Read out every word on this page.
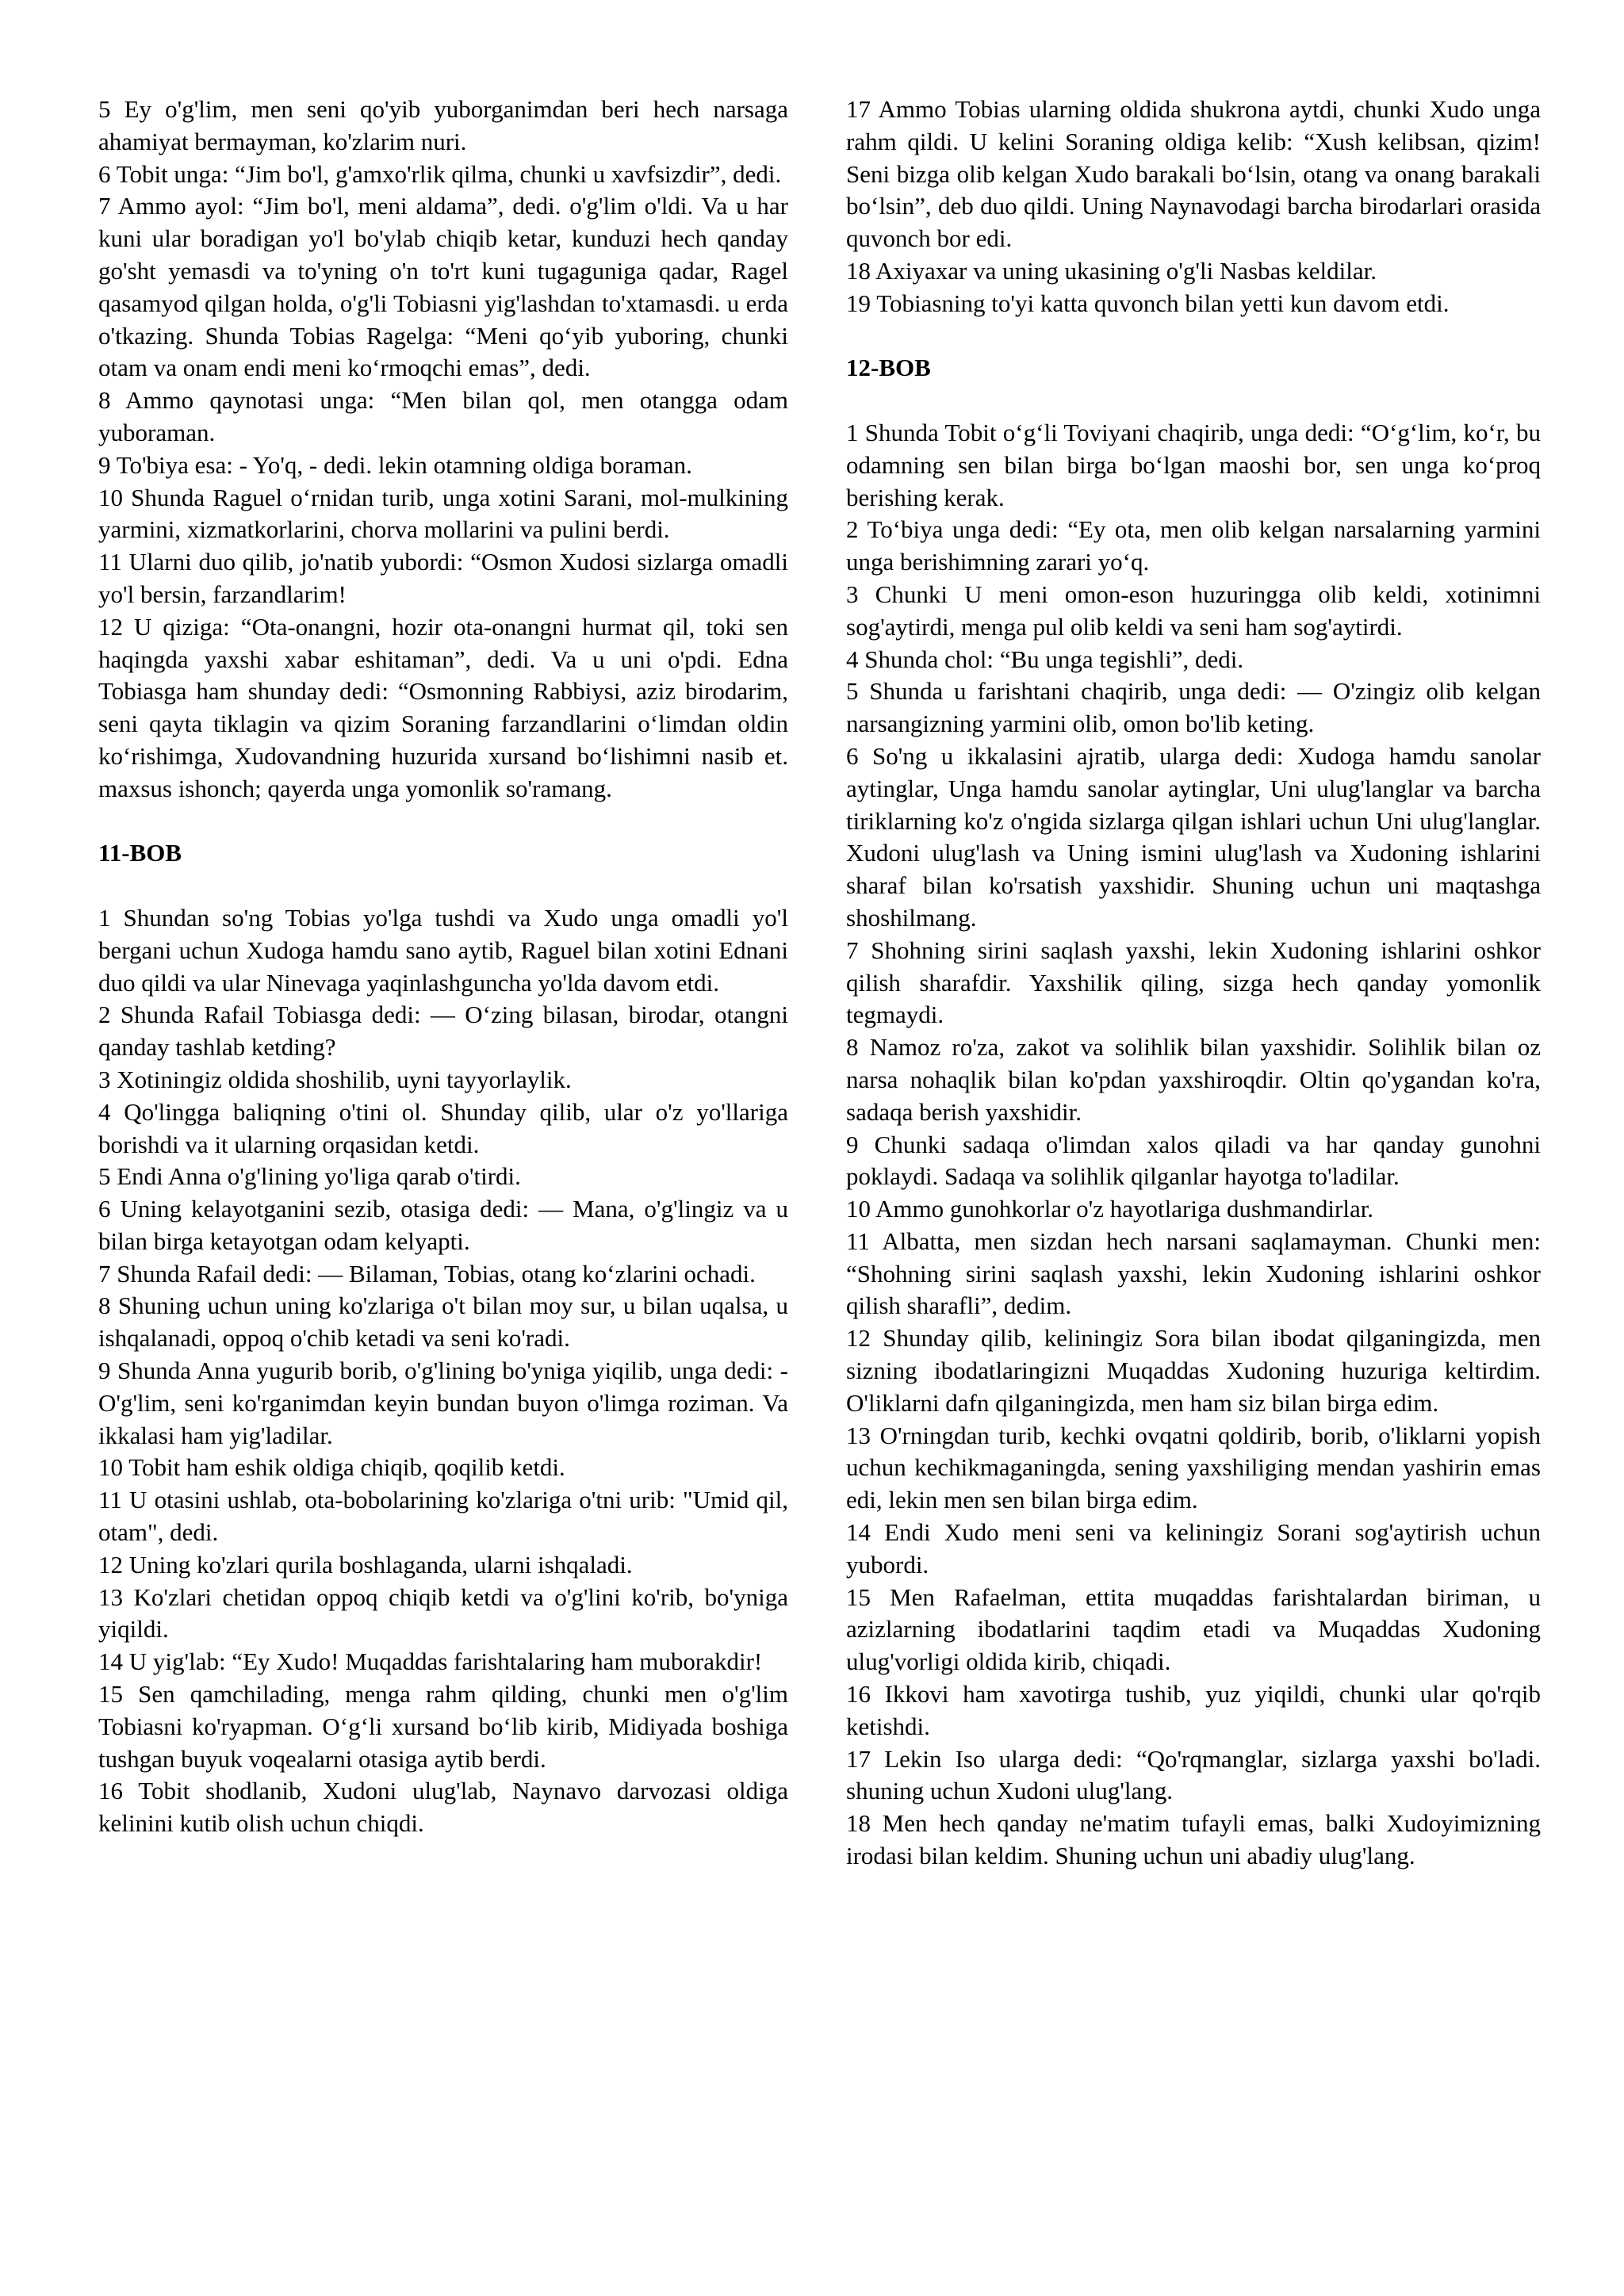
5 Ey o'g'lim, men seni qo'yib yuborganimdan beri hech narsaga ahamiyat bermayman, ko'zlarim nuri.

6 Tobit unga: “Jim bo'l, g'amxo'rlik qilma, chunki u xavfsizdir”, dedi.

7 Ammo ayol: “Jim bo'l, meni aldama”, dedi. o'g'lim o'ldi. Va u har kuni ular boradigan yo'l bo'ylab chiqib ketar, kunduzi hech qanday go'sht yemasdi va to'yning o'n to'rt kuni tugaguniga qadar, Ragel qasamyod qilgan holda, o'g'li Tobiasni yig'lashdan to'xtamasdi. u erda o'tkazing. Shunda Tobias Ragelga: “Meni qo‘yib yuboring, chunki otam va onam endi meni ko‘rmoqchi emas”, dedi.

8 Ammo qaynotasi unga: “Men bilan qol, men otangga odam yuboraman.

9 To'biya esa: - Yo'q, - dedi. lekin otamning oldiga boraman.

10 Shunda Raguel o‘rnidan turib, unga xotini Sarani, mol-mulkining yarmini, xizmatkorlarini, chorva mollarini va pulini berdi.

11 Ularni duo qilib, jo'natib yubordi: “Osmon Xudosi sizlarga omadli yo'l bersin, farzandlarim!

12 U qiziga: “Ota-onangni, hozir ota-onangni hurmat qil, toki sen haqingda yaxshi xabar eshitaman”, dedi. Va u uni o'pdi. Edna Tobiasga ham shunday dedi: “Osmonning Rabbiysi, aziz birodarim, seni qayta tiklagin va qizim Soraning farzandlarini o‘limdan oldin ko‘rishimga, Xudovandning huzurida xursand bo‘lishimni nasib et. maxsus ishonch; qayerda unga yomonlik so'ramang.

11-BOB

1 Shundan so'ng Tobias yo'lga tushdi va Xudo unga omadli yo'l bergani uchun Xudoga hamdu sano aytib, Raguel bilan xotini Ednani duo qildi va ular Ninevaga yaqinlashguncha yo'lda davom etdi.

2 Shunda Rafail Tobiasga dedi: — O‘zing bilasan, birodar, otangni qanday tashlab ketding?

3 Xotiningiz oldida shoshilib, uyni tayyorlaylik.

4 Qo'lingga baliqning o'tini ol. Shunday qilib, ular o'z yo'llariga borishdi va it ularning orqasidan ketdi.

5 Endi Anna o'g'lining yo'liga qarab o'tirdi.

6 Uning kelayotganini sezib, otasiga dedi: — Mana, o'g'lingiz va u bilan birga ketayotgan odam kelyapti.

7 Shunda Rafail dedi: — Bilaman, Tobias, otang ko‘zlarini ochadi.

8 Shuning uchun uning ko'zlariga o't bilan moy sur, u bilan uqalsa, u ishqalanadi, oppoq o'chib ketadi va seni ko'radi.

9 Shunda Anna yugurib borib, o'g'lining bo'yniga yiqilib, unga dedi: - O'g'lim, seni ko'rganimdan keyin bundan buyon o'limga roziman. Va ikkalasi ham yig'ladilar.

10 Tobit ham eshik oldiga chiqib, qoqilib ketdi.

11 U otasini ushlab, ota-bobolarining ko'zlariga o'tni urib: "Umid qil, otam", dedi.

12 Uning ko'zlari qurila boshlaganda, ularni ishqaladi.

13 Ko'zlari chetidan oppoq chiqib ketdi va o'g'lini ko'rib, bo'yniga yiqildi.

14 U yig'lab: “Ey Xudo! Muqaddas farishtalaring ham muborakdir!

15 Sen qamchilading, menga rahm qilding, chunki men o'g'lim Tobiasni ko'ryapman. O‘g‘li xursand bo‘lib kirib, Midiyada boshiga tushgan buyuk voqealarni otasiga aytib berdi.

16 Tobit shodlanib, Xudoni ulug'lab, Naynavo darvozasi oldiga kelinini kutib olish uchun chiqdi.

17 Ammo Tobias ularning oldida shukrona aytdi, chunki Xudo unga rahm qildi. U kelini Soraning oldiga kelib: “Xush kelibsan, qizim! Seni bizga olib kelgan Xudo barakali bo‘lsin, otang va onang barakali bo‘lsin”, deb duo qildi. Uning Naynavodagi barcha birodarlari orasida quvonch bor edi.

18 Axiyaxar va uning ukasining o'g'li Nasbas keldilar.

19 Tobiasning to'yi katta quvonch bilan yetti kun davom etdi.

12-BOB

1 Shunda Tobit o‘g‘li Toviyani chaqirib, unga dedi: “O‘g‘lim, ko‘r, bu odamning sen bilan birga bo‘lgan maoshi bor, sen unga ko‘proq berishing kerak.

2 To‘biya unga dedi: “Ey ota, men olib kelgan narsalarning yarmini unga berishimning zarari yo‘q.

3 Chunki U meni omon-eson huzuringga olib keldi, xotinimni sog'aytirdi, menga pul olib keldi va seni ham sog'aytirdi.

4 Shunda chol: “Bu unga tegishli”, dedi.

5 Shunda u farishtani chaqirib, unga dedi: — O'zingiz olib kelgan narsangizning yarmini olib, omon bo'lib keting.

6 So'ng u ikkalasini ajratib, ularga dedi: Xudoga hamdu sanolar aytinglar, Unga hamdu sanolar aytinglar, Uni ulug'langlar va barcha tiriklarning ko'z o'ngida sizlarga qilgan ishlari uchun Uni ulug'langlar. Xudoni ulug'lash va Uning ismini ulug'lash va Xudoning ishlarini sharaf bilan ko'rsatish yaxshidir. Shuning uchun uni maqtashga shoshilmang.

7 Shohning sirini saqlash yaxshi, lekin Xudoning ishlarini oshkor qilish sharafdir. Yaxshilik qiling, sizga hech qanday yomonlik tegmaydi.

8 Namoz ro'za, zakot va solihlik bilan yaxshidir. Solihlik bilan oz narsa nohaqlik bilan ko'pdan yaxshiroqdir. Oltin qo'ygandan ko'ra, sadaqa berish yaxshidir.

9 Chunki sadaqa o'limdan xalos qiladi va har qanday gunohni poklaydi. Sadaqa va solihlik qilganlar hayotga to'ladilar.

10 Ammo gunohkorlar o'z hayotlariga dushmandirlar.

11 Albatta, men sizdan hech narsani saqlamayman. Chunki men: “Shohning sirini saqlash yaxshi, lekin Xudoning ishlarini oshkor qilish sharafli”, dedim.

12 Shunday qilib, keliningiz Sora bilan ibodat qilganingizda, men sizning ibodatlaringizni Muqaddas Xudoning huzuriga keltirdim. O'liklarni dafn qilganingizda, men ham siz bilan birga edim.

13 O'rningdan turib, kechki ovqatni qoldirib, borib, o'liklarni yopish uchun kechikmaganingda, sening yaxshiliging mendan yashirin emas edi, lekin men sen bilan birga edim.

14 Endi Xudo meni seni va keliningiz Sorani sog'aytirish uchun yubordi.

15 Men Rafaelman, ettita muqaddas farishtalardan biriman, u azizlarning ibodatlarini taqdim etadi va Muqaddas Xudoning ulug'vorligi oldida kirib, chiqadi.

16 Ikkovi ham xavotirga tushib, yuz yiqildi, chunki ular qo'rqib ketishdi.

17 Lekin Iso ularga dedi: “Qo'rqmanglar, sizlarga yaxshi bo'ladi. shuning uchun Xudoni ulug'lang.

18 Men hech qanday ne'matim tufayli emas, balki Xudoyimizning irodasi bilan keldim. Shuning uchun uni abadiy ulug'lang.
